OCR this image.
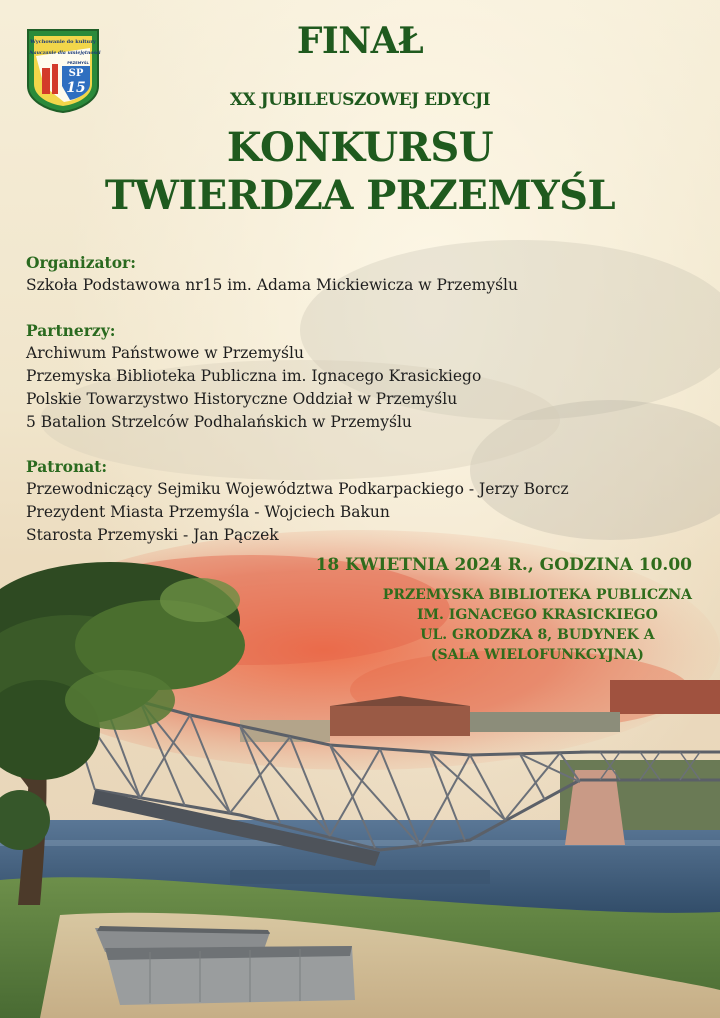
Wychowanie do kultury
Nauczanie dla umiejętności
PRZEMYŚL
SP
15
FINAŁ
XX JUBILEUSZOWEJ EDYCJI
KONKURSU
TWIERDZA PRZEMYŚL
Organizator:
Szkoła Podstawowa nr15 im. Adama Mickiewicza w Przemyślu
Partnerzy:
Archiwum Państwowe w Przemyślu
Przemyska Biblioteka Publiczna im. Ignacego Krasickiego
Polskie Towarzystwo Historyczne Oddział w Przemyślu
5 Batalion Strzelców Podhalańskich w Przemyślu
Patronat:
Przewodniczący Sejmiku Województwa Podkarpackiego - Jerzy Borcz
Prezydent Miasta Przemyśla - Wojciech Bakun
Starosta Przemyski - Jan Pączek
18 KWIETNIA 2024 R., GODZINA 10.00
PRZEMYSKA BIBLIOTEKA PUBLICZNA
IM. IGNACEGO KRASICKIEGO
UL. GRODZKA 8, BUDYNEK A
(SALA WIELOFUNKCYJNA)
